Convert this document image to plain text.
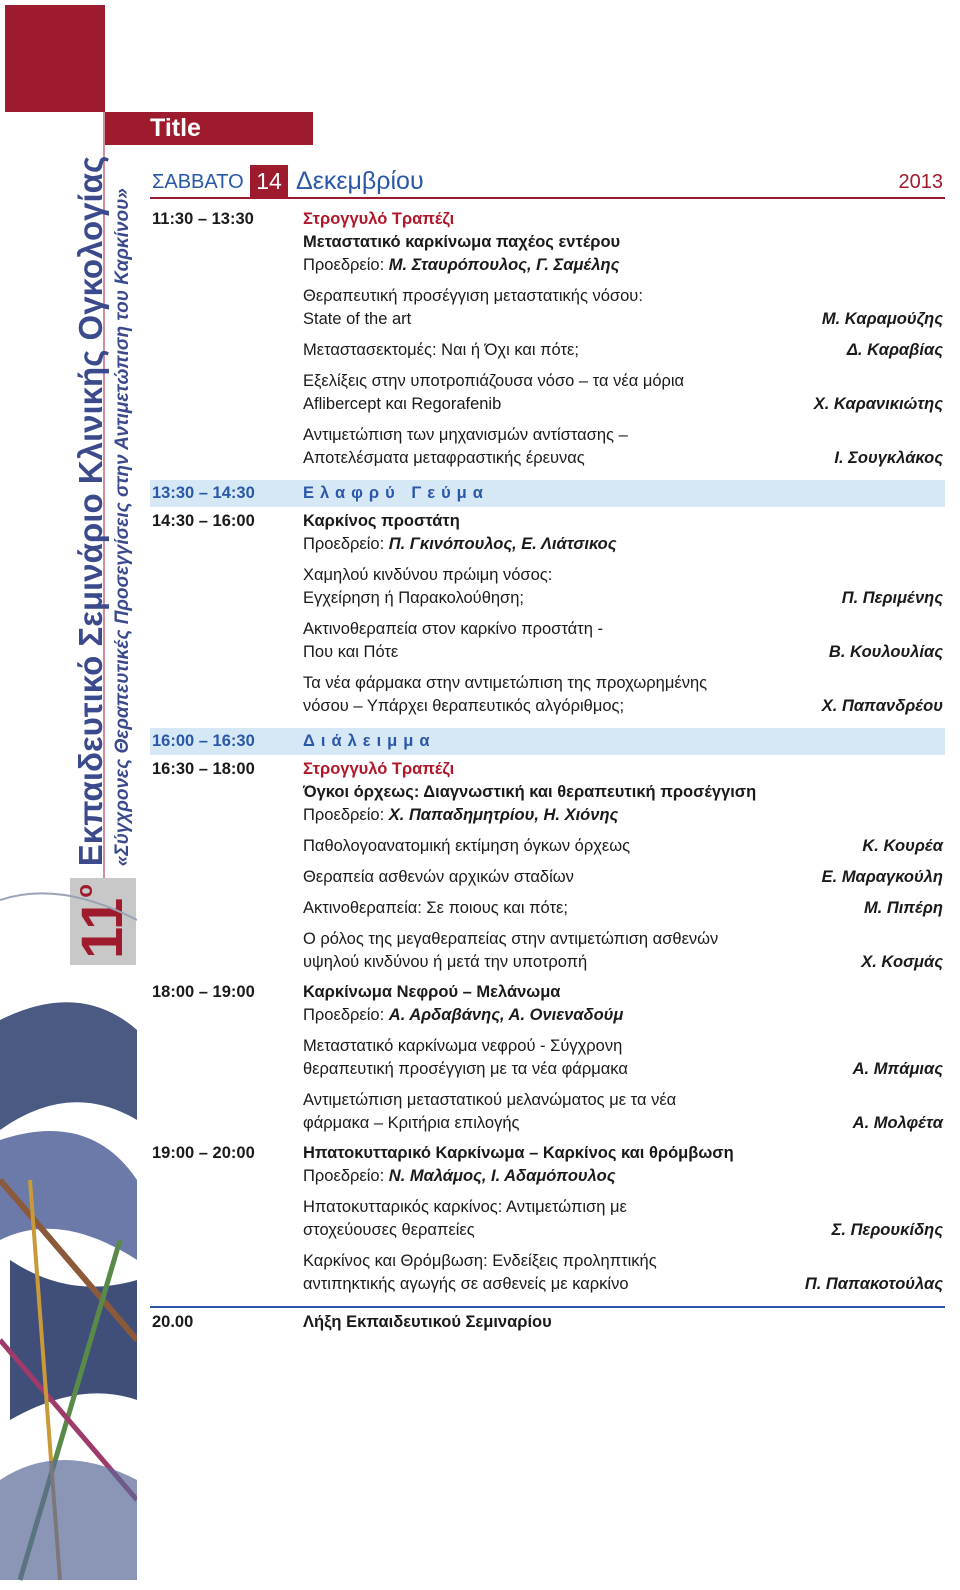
11
ο
Εκπαιδευτικό Σεμινάριο Κλινικής Ογκολογίας «Σύγχρονες Θεραπευτικές Προσεγγίσεις στην Αντιμετώπιση του Καρκίνου»
Title
ΣΑΒΒΑΤΟ 14 Δεκεμβρίου	2013
11:30 – 13:30	Στρογγυλό Τραπέζι
Μεταστατικό καρκίνωμα παχέος εντέρου
Προεδρείο: Μ. Σταυρόπουλος, Γ. Σαμέλης
Θεραπευτική προσέγγιση μεταστατικής νόσου:
State of the art	Μ. Καραμούζης
Μεταστασεκτομές: Ναι ή Όχι και πότε;	Δ. Καραβίας
Εξελίξεις στην υποτροπιάζουσα νόσο – τα νέα μόρια
Aflibercept και Regorafenib	Χ. Καρανικιώτης
Αντιμετώπιση των μηχανισμών αντίστασης –
Αποτελέσματα μεταφραστικής έρευνας	Ι. Σουγκλάκος
13:30 – 14:30	Ελαφρύ Γεύμα
14:30 – 16:00	Καρκίνος προστάτη
Προεδρείο: Π. Γκινόπουλος, Ε. Λιάτσικος
Χαμηλού κινδύνου πρώιμη νόσος:
Εγχείρηση ή Παρακολούθηση;	Π. Περιμένης
Ακτινοθεραπεία στον καρκίνο προστάτη -
Που και Πότε	Β. Κουλουλίας
Τα νέα φάρμακα στην αντιμετώπιση της προχωρημένης
νόσου – Υπάρχει θεραπευτικός αλγόριθμος;	Χ. Παπανδρέου
16:00 – 16:30	Διάλειμμα
16:30 – 18:00	Στρογγυλό Τραπέζι
Όγκοι όρχεως: Διαγνωστική και θεραπευτική προσέγγιση
Προεδρείο: Χ. Παπαδημητρίου, Η. Χιόνης
Παθολογοανατομική εκτίμηση όγκων όρχεως	Κ. Κουρέα
Θεραπεία ασθενών αρχικών σταδίων	Ε. Μαραγκούλη
Ακτινοθεραπεία: Σε ποιους και πότε;	Μ. Πιπέρη
Ο ρόλος της μεγαθεραπείας στην αντιμετώπιση ασθενών
υψηλού κινδύνου ή μετά την υποτροπή	Χ. Κοσμάς
18:00 – 19:00	Καρκίνωμα Νεφρού – Μελάνωμα
Προεδρείο: Α. Αρδαβάνης, Α. Ονιεναδούμ
Μεταστατικό καρκίνωμα νεφρού - Σύγχρονη
θεραπευτική προσέγγιση με τα νέα φάρμακα	Α. Μπάμιας
Αντιμετώπιση μεταστατικού μελανώματος με τα νέα
φάρμακα – Κριτήρια επιλογής	Α. Μολφέτα
19:00 – 20:00	Ηπατοκυτταρικό Καρκίνωμα – Καρκίνος και θρόμβωση
Προεδρείο: Ν. Μαλάμος, Ι. Αδαμόπουλος
Ηπατοκυτταρικός καρκίνος: Αντιμετώπιση με
στοχεύουσες θεραπείες	Σ. Περουκίδης
Καρκίνος και Θρόμβωση: Ενδείξεις προληπτικής
αντιπηκτικής αγωγής σε ασθενείς με καρκίνο	Π. Παπακοτούλας
20.00	Λήξη Εκπαιδευτικού Σεμιναρίου
